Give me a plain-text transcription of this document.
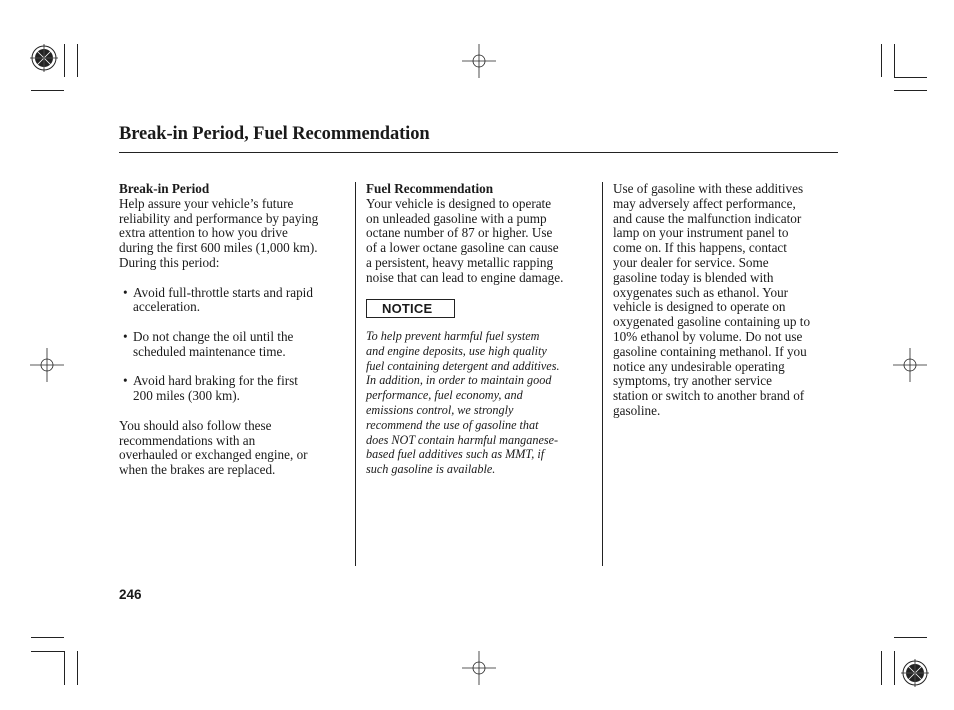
Break-in Period, Fuel Recommendation

Break-in Period

Help assure your vehicle’s future

reliability and performance by paying

extra attention to how you drive

during the first 600 miles (1,000 km).

During this period:

• Avoid full-throttle starts and rapid

acceleration.

• Do not change the oil until the

scheduled maintenance time.

• Avoid hard braking for the first

200 miles (300 km).

You should also follow these

recommendations with an

overhauled or exchanged engine, or

when the brakes are replaced.

Fuel Recommendation

Your vehicle is designed to operate

on unleaded gasoline with a pump

octane number of 87 or higher. Use

of a lower octane gasoline can cause

a persistent, heavy metallic rapping

noise that can lead to engine damage.

NOTICE
To help prevent harmful fuel system
and engine deposits, use high quality
fuel containing detergent and additives.
In addition, in order to maintain good
performance, fuel economy, and
emissions control, we strongly
recommend the use of gasoline that
does NOT contain harmful manganese-
based fuel additives such as MMT, if
such gasoline is available.

Use of gasoline with these additives

may adversely affect performance,

and cause the malfunction indicator

lamp on your instrument panel to

come on. If this happens, contact

your dealer for service. Some

gasoline today is blended with

oxygenates such as ethanol. Your

vehicle is designed to operate on

oxygenated gasoline containing up to

10% ethanol by volume. Do not use

gasoline containing methanol. If you

notice any undesirable operating

symptoms, try another service

station or switch to another brand of

gasoline.

246
